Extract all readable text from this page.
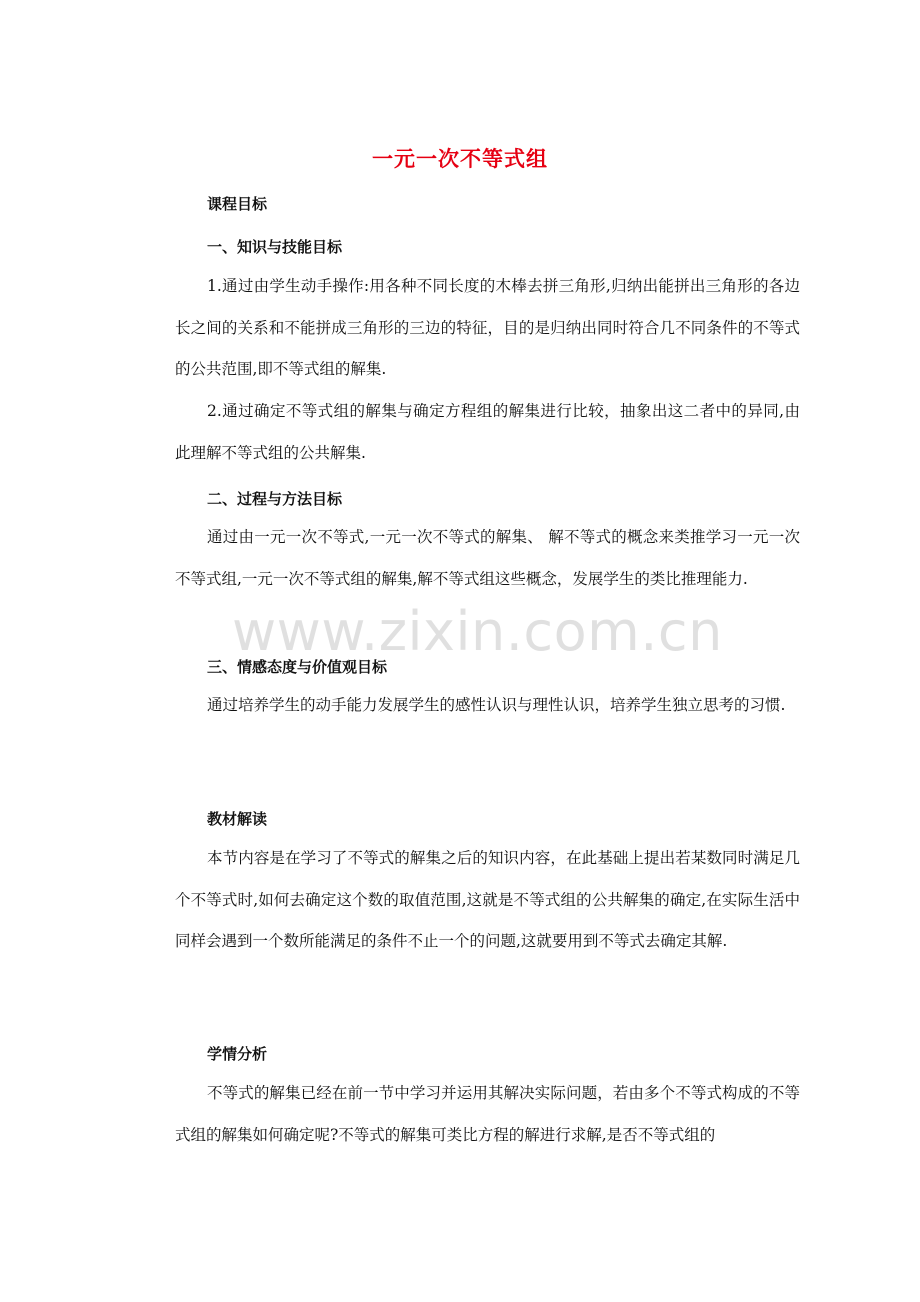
一元一次不等式组
课程目标
一、知识与技能目标

1.通过由学生动手操作:用各种不同长度的木棒去拼三角形,归纳出能拼出三角形的各边长之间的关系和不能拼成三角形的三边的特征，目的是归纳出同时符合几不同条件的不等式的公共范围,即不等式组的解集.

2.通过确定不等式组的解集与确定方程组的解集进行比较，抽象出这二者中的异同,由此理解不等式组的公共解集.

二、过程与方法目标

通过由一元一次不等式,一元一次不等式的解集、 解不等式的概念来类推学习一元一次不等式组,一元一次不等式组的解集,解不等式组这些概念，发展学生的类比推理能力.

三、情感态度与价值观目标

通过培养学生的动手能力发展学生的感性认识与理性认识，培养学生独立思考的习惯.

教材解读

本节内容是在学习了不等式的解集之后的知识内容，在此基础上提出若某数同时满足几个不等式时,如何去确定这个数的取值范围,这就是不等式组的公共解集的确定,在实际生活中同样会遇到一个数所能满足的条件不止一个的问题,这就要用到不等式去确定其解.

学情分析

不等式的解集已经在前一节中学习并运用其解决实际问题，若由多个不等式构成的不等式组的解集如何确定呢?不等式的解集可类比方程的解进行求解,是否不等式组的

www.zixin.com.cn
